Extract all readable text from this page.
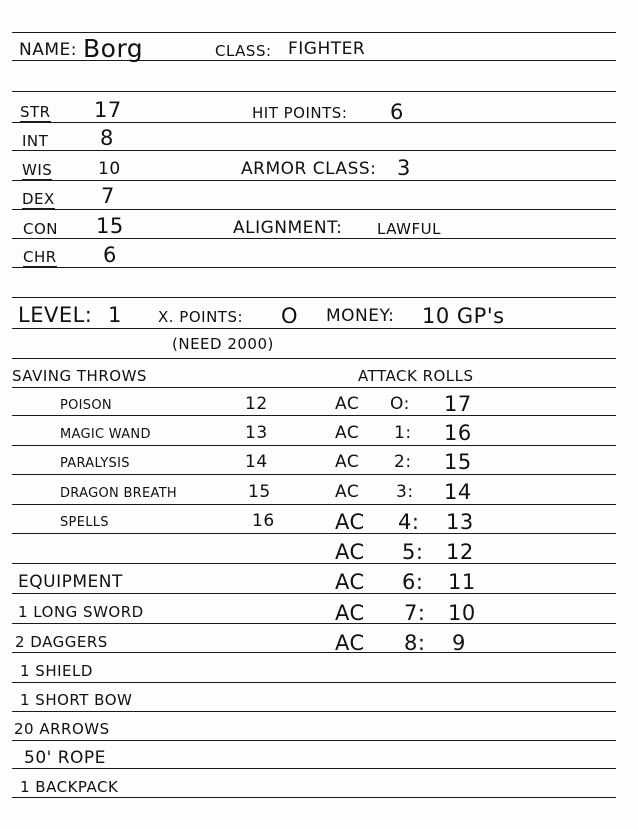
NAME: Borg	CLASS: FIGHTER
STR 17
INT 8
WIS	10
DEX 7
CON 15
CHR 6
HIT POINTS: 6
ARMOR CLASS: 3
ALIGNMENT: LAWFUL
LEVEL: 1 X. POINTS: O MONEY: 10 GP's
(NEED 2000)
SAVING THROWS
POISON	12
MAGIC WAND	13
PARALYSIS	14
DRAGON BREATH	15
SPELLS	16
ATTACK ROLLS
AC O: 17
AC 1: 16
AC 2: 15
AC 3: 14
AC 4: 13
AC 5: 12
AC 6: 11
AC 7: 10
AC 8: 9
EQUIPMENT
1 LONG SWORD
2 DAGGERS
1 SHIELD
1 SHORT BOW
20 ARROWS
50' ROPE
1 BACKPACK
